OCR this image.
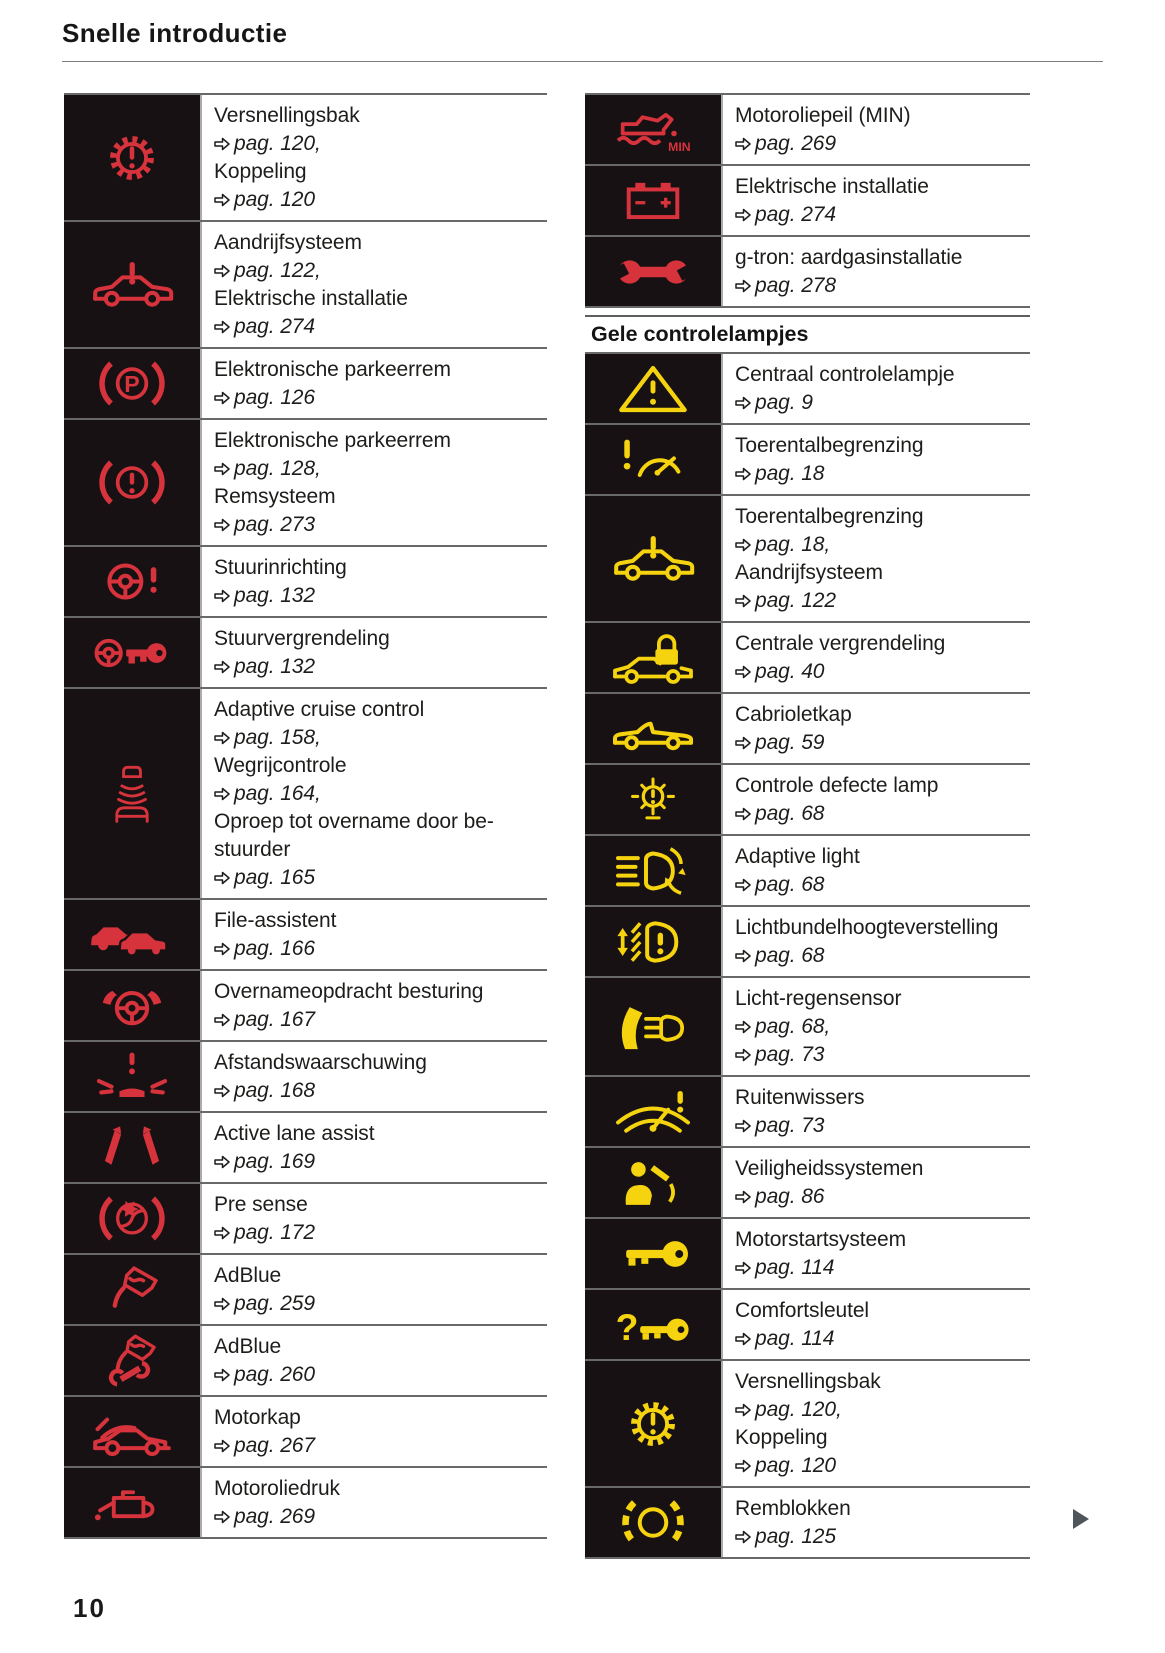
Snelle introductie
Versnellingsbak
pag. 120,
Koppeling
pag. 120
Aandrijfsysteem
pag. 122,
Elektrische installatie
pag. 274
P
Elektronische parkeerrem
pag. 126
Elektronische parkeerrem
pag. 128,
Remsysteem
pag. 273
Stuurinrichting
pag. 132
Stuurvergrendeling
pag. 132
Adaptive cruise control
pag. 158,
Wegrijcontrole
pag. 164,
Oproep tot overname door bestuurder
pag. 165
File-assistent
pag. 166
Overnameopdracht besturing
pag. 167
Afstandswaarschuwing
pag. 168
Active lane assist
pag. 169
Pre sense
pag. 172
AdBlue
pag. 259
AdBlue
pag. 260
Motorkap
pag. 267
Motoroliedruk
pag. 269
MIN
Motoroliepeil (MIN)
pag. 269
Elektrische installatie
pag. 274
g-tron: aardgasinstallatie
pag. 278
Gele controlelampjes
Centraal controlelampje
pag. 9
Toerentalbegrenzing
pag. 18
Toerentalbegrenzing
pag. 18,
Aandrijfsysteem
pag. 122
Centrale vergrendeling
pag. 40
Cabrioletkap
pag. 59
Controle defecte lamp
pag. 68
Adaptive light
pag. 68
Lichtbundelhoogteverstelling
pag. 68
Licht-regensensor
pag. 68,
pag. 73
Ruitenwissers
pag. 73
Veiligheidssystemen
pag. 86
Motorstartsysteem
pag. 114
?	Comfortsleutel
pag. 114
Versnellingsbak
pag. 120,
Koppeling
pag. 120
Remblokken
pag. 125
10
